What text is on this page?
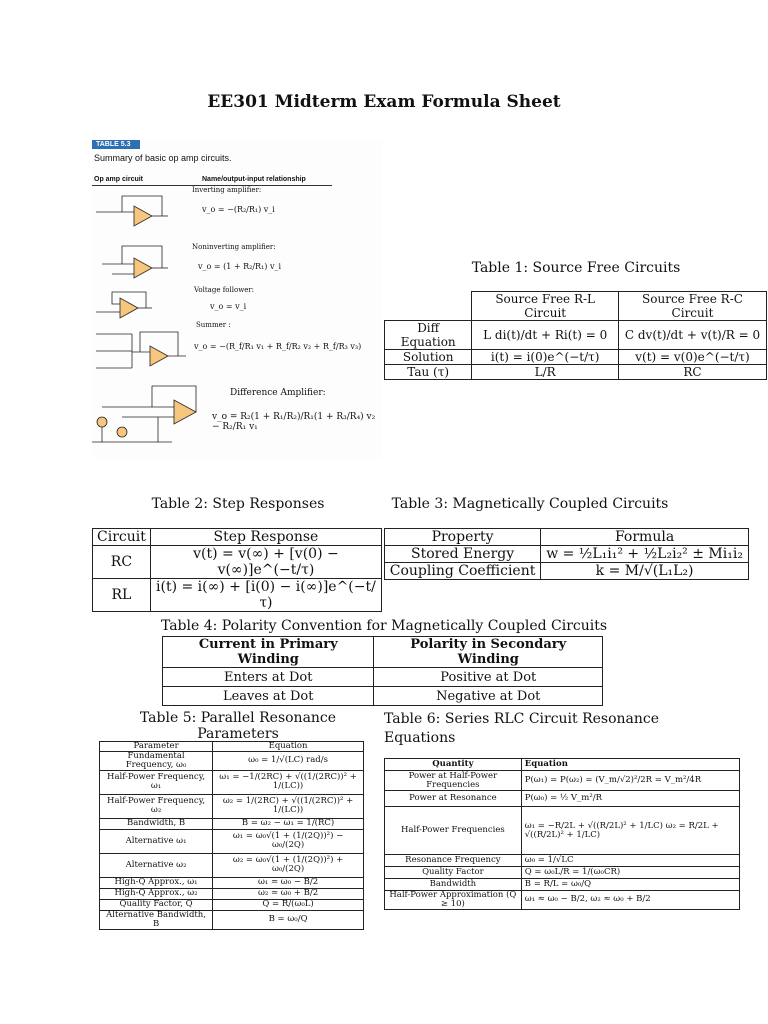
EE301 Midterm Exam Formula Sheet
TABLE 5.3
Summary of basic op amp circuits.
Op amp circuit	Name/output-input relationship
Inverting amplifier:
v_o = −(R₂/R₁) v_i
Noninverting amplifier:
v_o = (1 + R₂/R₁) v_i
Voltage follower:
v_o = v_i
Summer :
v_o = −(R_f/R₁ v₁ + R_f/R₂ v₂ + R_f/R₃ v₃)
Difference Amplifier:
v_o = R₂(1 + R₁/R₂)/R₁(1 + R₃/R₄) v₂ − R₂/R₁ v₁
Table 1: Source Free Circuits
	Source Free R-L Circuit	Source Free R-C Circuit
Diff Equation	L di(t)/dt + Ri(t) = 0	C dv(t)/dt + v(t)/R = 0
Solution	i(t) = i(0)e^(−t/τ)	v(t) = v(0)e^(−t/τ)
Tau (τ)	L/R	RC
Table 2: Step Responses
Circuit	Step Response
RC	v(t) = v(∞) + [v(0) − v(∞)]e^(−t/τ)
RL	i(t) = i(∞) + [i(0) − i(∞)]e^(−t/τ)
Table 3: Magnetically Coupled Circuits
Property	Formula
Stored Energy	w = ½L₁i₁² + ½L₂i₂² ± Mi₁i₂
Coupling Coefficient	k = M/√(L₁L₂)
Table 4: Polarity Convention for Magnetically Coupled Circuits
Current in Primary Winding	Polarity in Secondary Winding
Enters at Dot	Positive at Dot
Leaves at Dot	Negative at Dot
Table 5: Parallel Resonance Parameters
Parameter	Equation
Fundamental Frequency, ω₀	ω₀ = 1/√(LC) rad/s
Half-Power Frequency, ω₁	ω₁ = −1/(2RC) + √((1/(2RC))² + 1/(LC))
Half-Power Frequency, ω₂	ω₂ = 1/(2RC) + √((1/(2RC))² + 1/(LC))
Bandwidth, B	B = ω₂ − ω₁ = 1/(RC)
Alternative ω₁	ω₁ = ω₀√(1 + (1/(2Q))²) − ω₀/(2Q)
Alternative ω₂	ω₂ = ω₀√(1 + (1/(2Q))²) + ω₀/(2Q)
High-Q Approx., ω₁	ω₁ ≃ ω₀ − B/2
High-Q Approx., ω₂	ω₂ ≃ ω₀ + B/2
Quality Factor, Q	Q = R/(ω₀L)
Alternative Bandwidth, B	B = ω₀/Q
Table 6: Series RLC Circuit Resonance Equations
Quantity	Equation
Power at Half-Power Frequencies	P(ω₁) = P(ω₂) = (V_m/√2)²/2R = V_m²/4R
Power at Resonance	P(ω₀) = ½ V_m²/R
Half-Power Frequencies	ω₁ = −R/2L + √((R/2L)² + 1/LC) ω₂ = R/2L + √((R/2L)² + 1/LC)
Resonance Frequency	ω₀ = 1/√LC
Quality Factor	Q = ω₀L/R = 1/(ω₀CR)
Bandwidth	B = R/L = ω₀/Q
Half-Power Approximation (Q ≥ 10)	ω₁ ≈ ω₀ − B/2, ω₂ ≈ ω₀ + B/2
